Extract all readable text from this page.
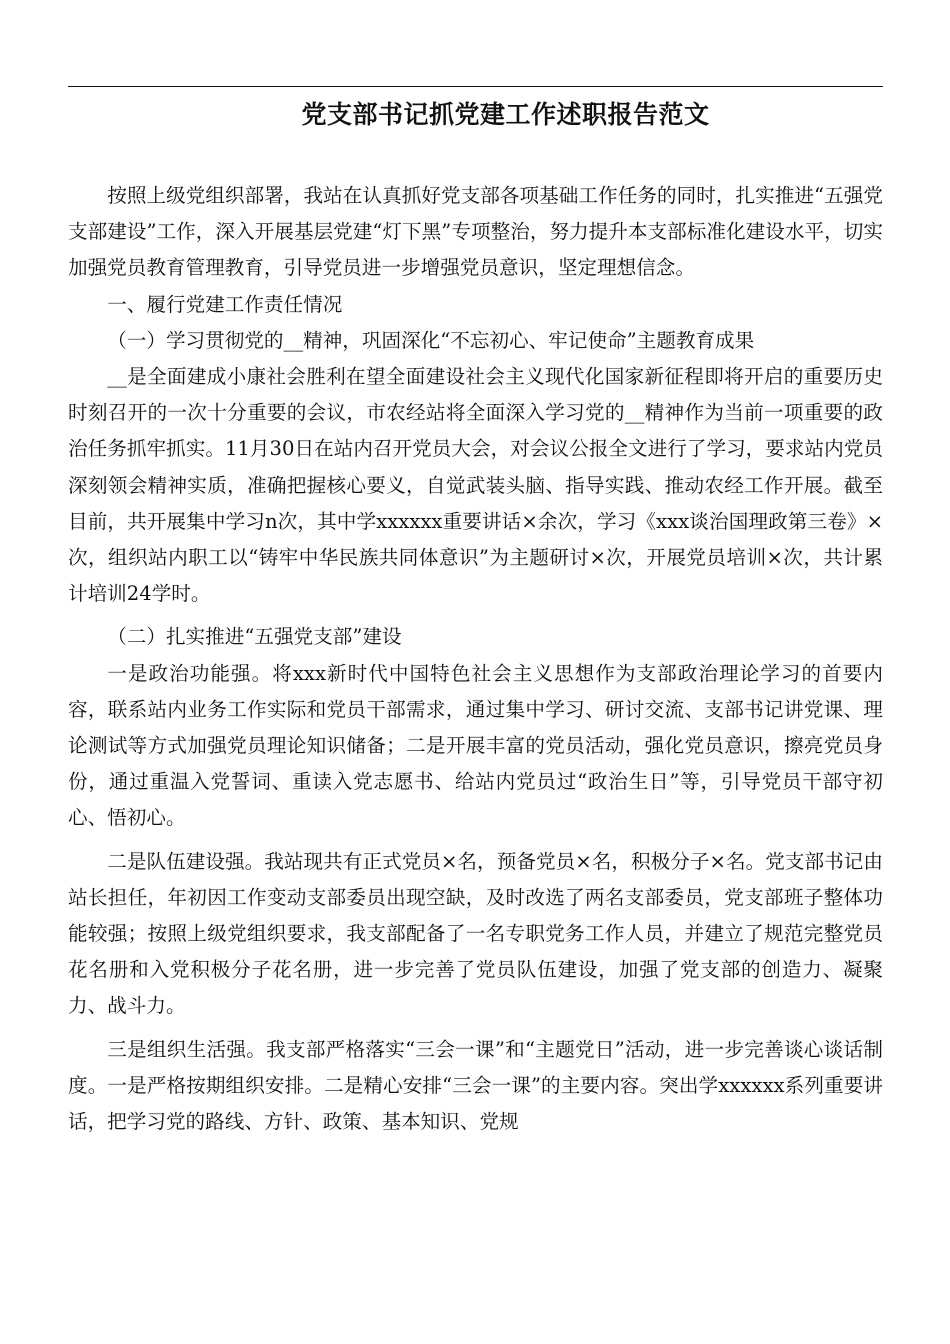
党支部书记抓党建工作述职报告范文

按照上级党组织部署，我站在认真抓好党支部各项基础工作任务的同时，扎实推进“五强党支部建设”工作，深入开展基层党建“灯下黑”专项整治，努力提升本支部标准化建设水平，切实加强党员教育管理教育，引导党员进一步增强党员意识，坚定理想信念。

一、履行党建工作责任情况

（一）学习贯彻党的__精神，巩固深化“不忘初心、牢记使命”主题教育成果

__是全面建成小康社会胜利在望全面建设社会主义现代化国家新征程即将开启的重要历史时刻召开的一次十分重要的会议，市农经站将全面深入学习党的__精神作为当前一项重要的政治任务抓牢抓实。11月30日在站内召开党员大会，对会议公报全文进行了学习，要求站内党员深刻领会精神实质，准确把握核心要义，自觉武装头脑、指导实践、推动农经工作开展。截至目前，共开展集中学习n次，其中学xxxxxx重要讲话×余次，学习《xxx谈治国理政第三卷》×次，组织站内职工以“铸牢中华民族共同体意识”为主题研讨×次，开展党员培训×次，共计累计培训24学时。

（二）扎实推进“五强党支部”建设

一是政治功能强。将xxx新时代中国特色社会主义思想作为支部政治理论学习的首要内容，联系站内业务工作实际和党员干部需求，通过集中学习、研讨交流、支部书记讲党课、理论测试等方式加强党员理论知识储备；二是开展丰富的党员活动，强化党员意识，擦亮党员身份，通过重温入党誓词、重读入党志愿书、给站内党员过“政治生日”等，引导党员干部守初心、悟初心。

二是队伍建设强。我站现共有正式党员×名，预备党员×名，积极分子×名。党支部书记由站长担任，年初因工作变动支部委员出现空缺，及时改选了两名支部委员，党支部班子整体功能较强；按照上级党组织要求，我支部配备了一名专职党务工作人员，并建立了规范完整党员花名册和入党积极分子花名册，进一步完善了党员队伍建设，加强了党支部的创造力、凝聚力、战斗力。

三是组织生活强。我支部严格落实“三会一课”和“主题党日”活动，进一步完善谈心谈话制度。一是严格按期组织安排。二是精心安排“三会一课”的主要内容。突出学xxxxxx系列重要讲话，把学习党的路线、方针、政策、基本知识、党规
